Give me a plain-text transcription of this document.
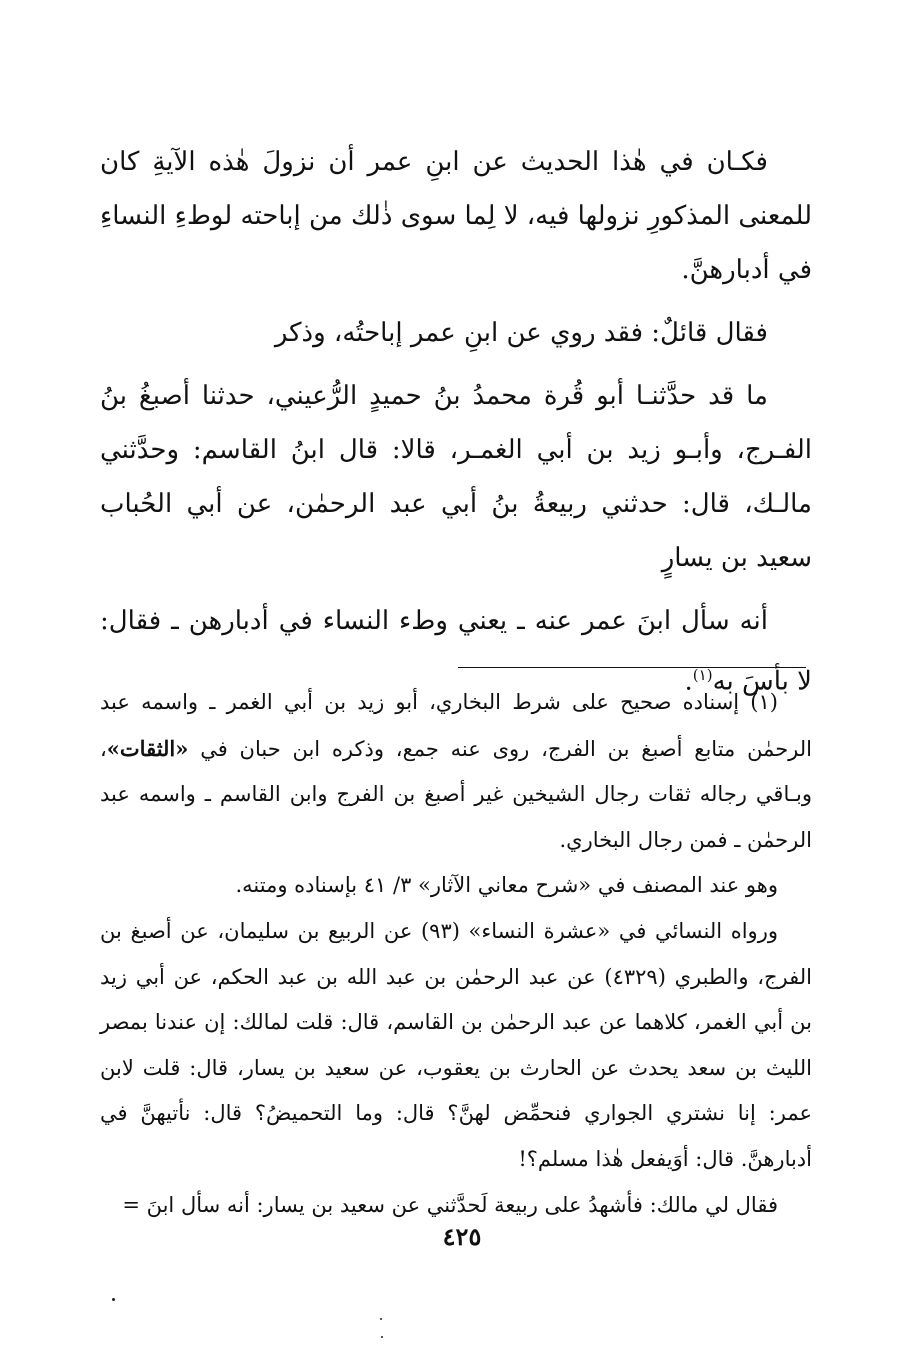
فكـان في هٰذا الحديث عن ابنِ عمر أن نزولَ هٰذه الآيةِ كان للمعنى المذكورِ نزولها فيه، لا لِما سوى ذٰلك من إباحته لوطءِ النساءِ في أدبارهنَّ.

فقال قائلٌ: فقد روي عن ابنِ عمر إباحتُه، وذكر

ما قد حدَّثنـا أبو قُرة محمدُ بنُ حميدٍ الرُّعيني، حدثنا أصبغُ بنُ الفـرج، وأبـو زيد بن أبي الغمـر، قالا: قال ابنُ القاسم: وحدَّثني مالـك، قال: حدثني ربيعةُ بنُ أبي عبد الرحمٰن، عن أبي الحُباب سعيد بن يسارٍ

أنه سأل ابنَ عمر عنه ـ يعني وطء النساء في أدبارهن ـ فقال: لا بأسَ به$^{(١)}$.

(١) إسناده صحيح على شرط البخاري، أبو زيد بن أبي الغمر ـ واسمه عبد الرحمٰن متابع أصبغ بن الفرج، روى عنه جمع، وذكره ابن حبان في «الثقات»، وبـاقي رجاله ثقات رجال الشيخين غير أصبغ بن الفرج وابن القاسم ـ واسمه عبد الرحمٰن ـ فمن رجال البخاري.

وهو عند المصنف في «شرح معاني الآثار» ٣/ ٤١ بإسناده ومتنه.

ورواه النسائي في «عشرة النساء» (٩٣) عن الربيع بن سليمان، عن أصبغ بن الفرج، والطبري (٤٣٢٩) عن عبد الرحمٰن بن عبد الله بن عبد الحكم، عن أبي زيد بن أبي الغمر، كلاهما عن عبد الرحمٰن بن القاسم، قال: قلت لمالك: إن عندنا بمصر الليث بن سعد يحدث عن الحارث بن يعقوب، عن سعيد بن يسار، قال: قلت لابن عمر: إنا نشتري الجواري فنحمِّض لهنَّ؟ قال: وما التحميضُ؟ قال: نأتيهنَّ في أدبارهنَّ. قال: أوَيفعل هٰذا مسلم؟!

فقال لي مالك: فأشهدُ على ربيعة لَحدَّثني عن سعيد بن يسار: أنه سأل ابنَ =

٤٢٥
